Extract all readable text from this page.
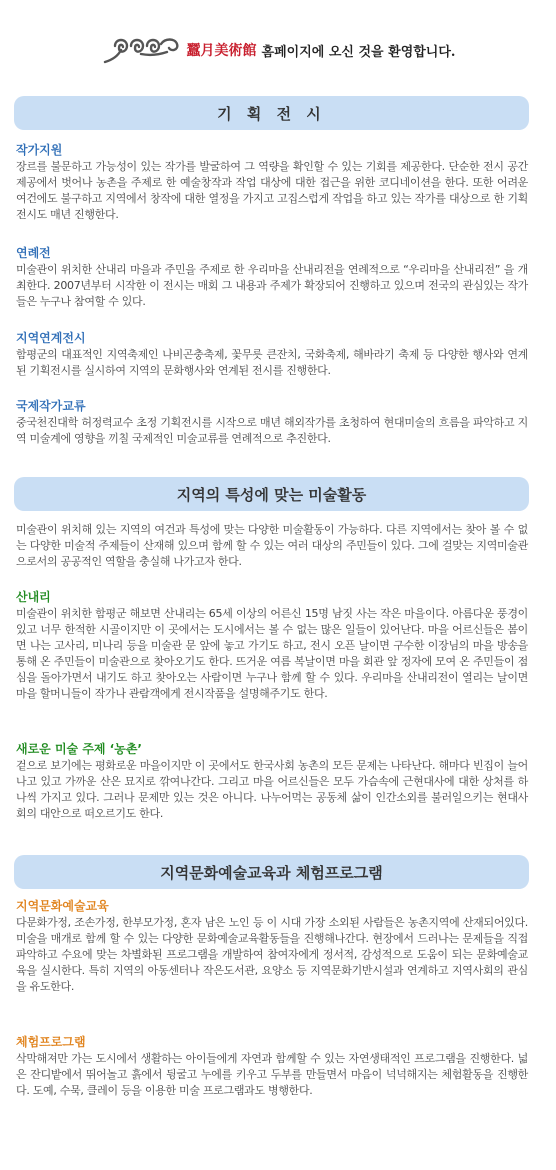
蠶月美術館 홈페이지에 오신 것을 환영합니다.
기 획 전 시
작가지원

장르를 불문하고 가능성이 있는 작가를 발굴하여 그 역량을 확인할 수 있는 기회를 제공한다. 단순한 전시 공간 제공에서 벗어나 농촌을 주제로 한 예술창작과 작업 대상에 대한 접근을 위한 코디네이션을 한다. 또한 어려운 여건에도 불구하고 지역에서 창작에 대한 열정을 가지고 고집스럽게 작업을 하고 있는 작가를 대상으로 한 기획전시도 매년 진행한다.

연례전

미술관이 위치한 산내리 마을과 주민을 주제로 한 우리마을 산내리전을 연례적으로 “우리마을 산내리전” 을 개최한다. 2007년부터 시작한 이 전시는 매회 그 내용과 주제가 확장되어 진행하고 있으며 전국의 관심있는 작가들은 누구나 참여할 수 있다.

지역연계전시

함평군의 대표적인 지역축제인 나비곤충축제, 꽃무릇 큰잔치, 국화축제, 해바라기 축제 등 다양한 행사와 연계된 기획전시를 실시하여 지역의 문화행사와 연계된 전시를 진행한다.

국제작가교류

중국천진대학 허정력교수 초정 기획전시를 시작으로 매년 해외작가를 초청하여 현대미술의 흐름을 파악하고 지역 미술계에 영향을 끼칠 국제적인 미술교류를 연례적으로 추진한다.

지역의 특성에 맞는 미술활동

미술관이 위치해 있는 지역의 여건과 특성에 맞는 다양한 미술활동이 가능하다. 다른 지역에서는 찾아 볼 수 없는 다양한 미술적 주제들이 산재해 있으며 함께 할 수 있는 여러 대상의 주민들이 있다. 그에 걸맞는 지역미술관으로서의 공공적인 역할을 충실해 나가고자 한다.

산내리

미술관이 위치한 함평군 해보면 산내리는 65세 이상의 어른신 15명 남짓 사는 작은 마을이다. 아름다운 풍경이 있고 너무 한적한 시골이지만 이 곳에서는 도시에서는 볼 수 없는 많은 일들이 있어난다. 마을 어르신들은 봄이면 나는 고사리, 미나리 등을 미술관 문 앞에 놓고 가기도 하고, 전시 오픈 날이면 구수한 이장님의 마을 방송을 통해 온 주민들이 미술관으로 찾아오기도 한다. 뜨거운 여름 복날이면 마을 회관 앞 정자에 모여 온 주민들이 점심을 돌아가면서 내기도 하고 찾아오는 사람이면 누구나 함께 할 수 있다. 우리마을 산내리전이 열리는 날이면 마을 할머니들이 작가나 관람객에게 전시작품을 설명해주기도 한다.

새로운 미술 주제 ‘농촌’

겉으로 보기에는 평화로운 마을이지만 이 곳에서도 한국사회 농촌의 모든 문제는 나타난다. 해마다 빈집이 늘어나고 있고 가까운 산은 묘지로 깎여나간다. 그리고 마을 어르신들은 모두 가슴속에 근현대사에 대한 상처를 하나씩 가지고 있다. 그러나 문제만 있는 것은 아니다. 나누어먹는 공동체 삶이 인간소외를 불러일으키는 현대사회의 대안으로 떠오르기도 한다.

지역문화예술교육과 체험프로그램
지역문화예술교육

다문화가정, 조손가정, 한부모가정, 혼자 남은 노인 등 이 시대 가장 소외된 사람들은 농촌지역에 산재되어있다. 미술을 매개로 함께 할 수 있는 다양한 문화예술교육활동들을 진행해나간다. 현장에서 드러나는 문제들을 직접 파악하고 수요에 맞는 차별화된 프로그램을 개발하여 참여자에게 정서적, 감성적으로 도움이 되는 문화예술교육을 실시한다. 특히 지역의 아동센터나 작은도서관, 요양소 등 지역문화기반시설과 연계하고 지역사회의 관심을 유도한다.

체험프로그램

삭막해져만 가는 도시에서 생활하는 아이들에게 자연과 함께할 수 있는 자연생태적인 프로그램을 진행한다. 넓은 잔디밭에서 뛰어놀고 흙에서 뒹굴고 누에를 키우고 두부를 만들면서 마음이 넉넉해지는 체험활동을 진행한다. 도예, 수묵, 클레이 등을 이용한 미술 프로그램과도 병행한다.
